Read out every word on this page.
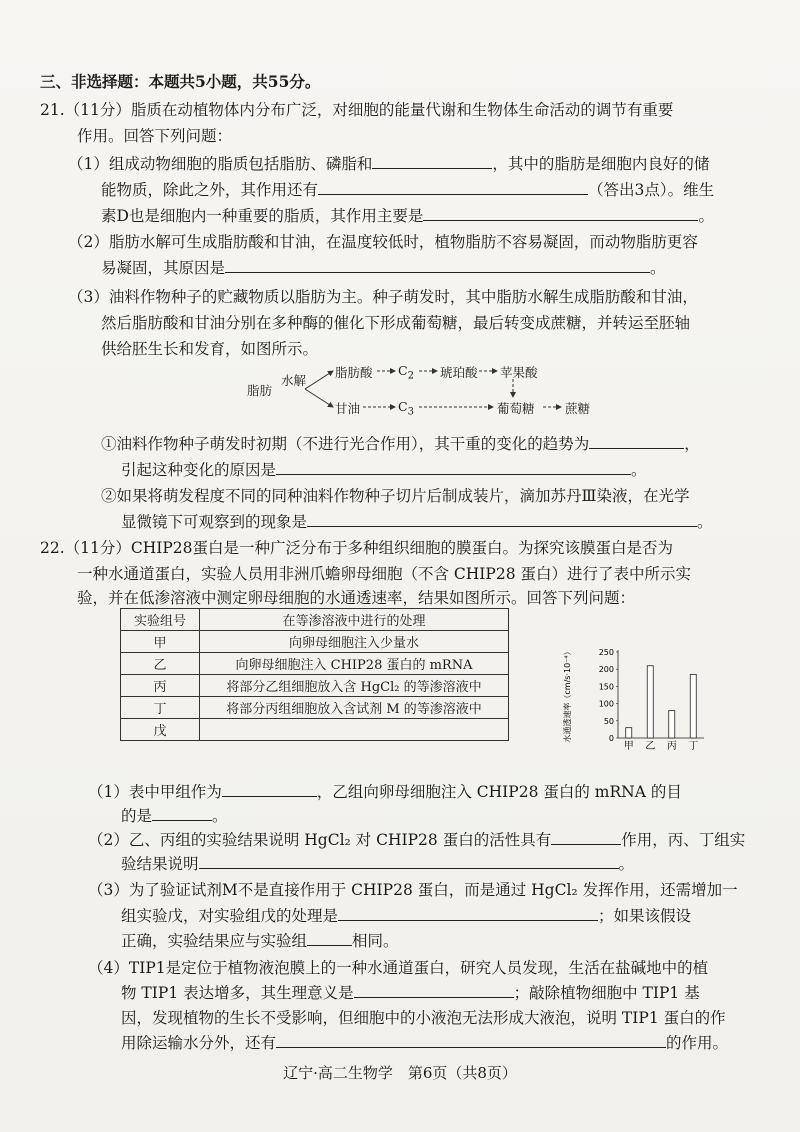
三、非选择题：本题共5小题，共55分。
21.（11分）脂质在动植物体内分布广泛，对细胞的能量代谢和生物体生命活动的调节有重要
作用。回答下列问题：
（1）组成动物细胞的脂质包括脂肪、磷脂和	，其中的脂肪是细胞内良好的储
能物质，除此之外，其作用还有	（答出3点）。维生
素D也是细胞内一种重要的脂质，其作用主要是	。
（2）脂肪水解可生成脂肪酸和甘油，在温度较低时，植物脂肪不容易凝固，而动物脂肪更容
易凝固，其原因是	。
（3）油料作物种子的贮藏物质以脂肪为主。种子萌发时，其中脂肪水解生成脂肪酸和甘油，
然后脂肪酸和甘油分别在多种酶的催化下形成葡萄糖，最后转变成蔗糖，并转运至胚轴
供给胚生长和发育，如图所示。
脂肪
水解
脂肪酸 $C_2$ 琥珀酸 苹果酸
甘油	$C_3$	葡萄糖 蔗糖
①油料作物种子萌发时初期（不进行光合作用），其干重的变化的趋势为	，
引起这种变化的原因是	。
②如果将萌发程度不同的同种油料作物种子切片后制成装片，滴加苏丹Ⅲ染液，在光学
显微镜下可观察到的现象是	。
22.（11分）CHIP28蛋白是一种广泛分布于多种组织细胞的膜蛋白。为探究该膜蛋白是否为
一种水通道蛋白，实验人员用非洲爪蟾卵母细胞（不含 CHIP28 蛋白）进行了表中所示实
验，并在低渗溶液中测定卵母细胞的水通透速率，结果如图所示。回答下列问题：
实验组号	在等渗溶液中进行的处理
甲	向卵母细胞注入少量水
乙	向卵母细胞注入 CHIP28 蛋白的 mRNA
丙	将部分乙组细胞放入含 HgCl₂ 的等渗溶液中
丁	将部分丙组细胞放入含试剂 M 的等渗溶液中
戊		水通透速率（cm/s·10⁻⁴）	0
50
100
150
200
250
甲 乙 丙 丁
（1）表中甲组作为	，乙组向卵母细胞注入 CHIP28 蛋白的 mRNA 的目
的是	。
（2）乙、丙组的实验结果说明 HgCl₂ 对 CHIP28 蛋白的活性具有	作用，丙、丁组实
验结果说明	。
（3）为了验证试剂M不是直接作用于 CHIP28 蛋白，而是通过 HgCl₂ 发挥作用，还需增加一
组实验戊，对实验组戊的处理是	；如果该假设
正确，实验结果应与实验组	相同。
（4）TIP1是定位于植物液泡膜上的一种水通道蛋白，研究人员发现，生活在盐碱地中的植
物 TIP1 表达增多，其生理意义是	；敲除植物细胞中 TIP1 基
因，发现植物的生长不受影响，但细胞中的小液泡无法形成大液泡，说明 TIP1 蛋白的作
用除运输水分外，还有	的作用。
辽宁·高二生物学　第6页（共8页）
